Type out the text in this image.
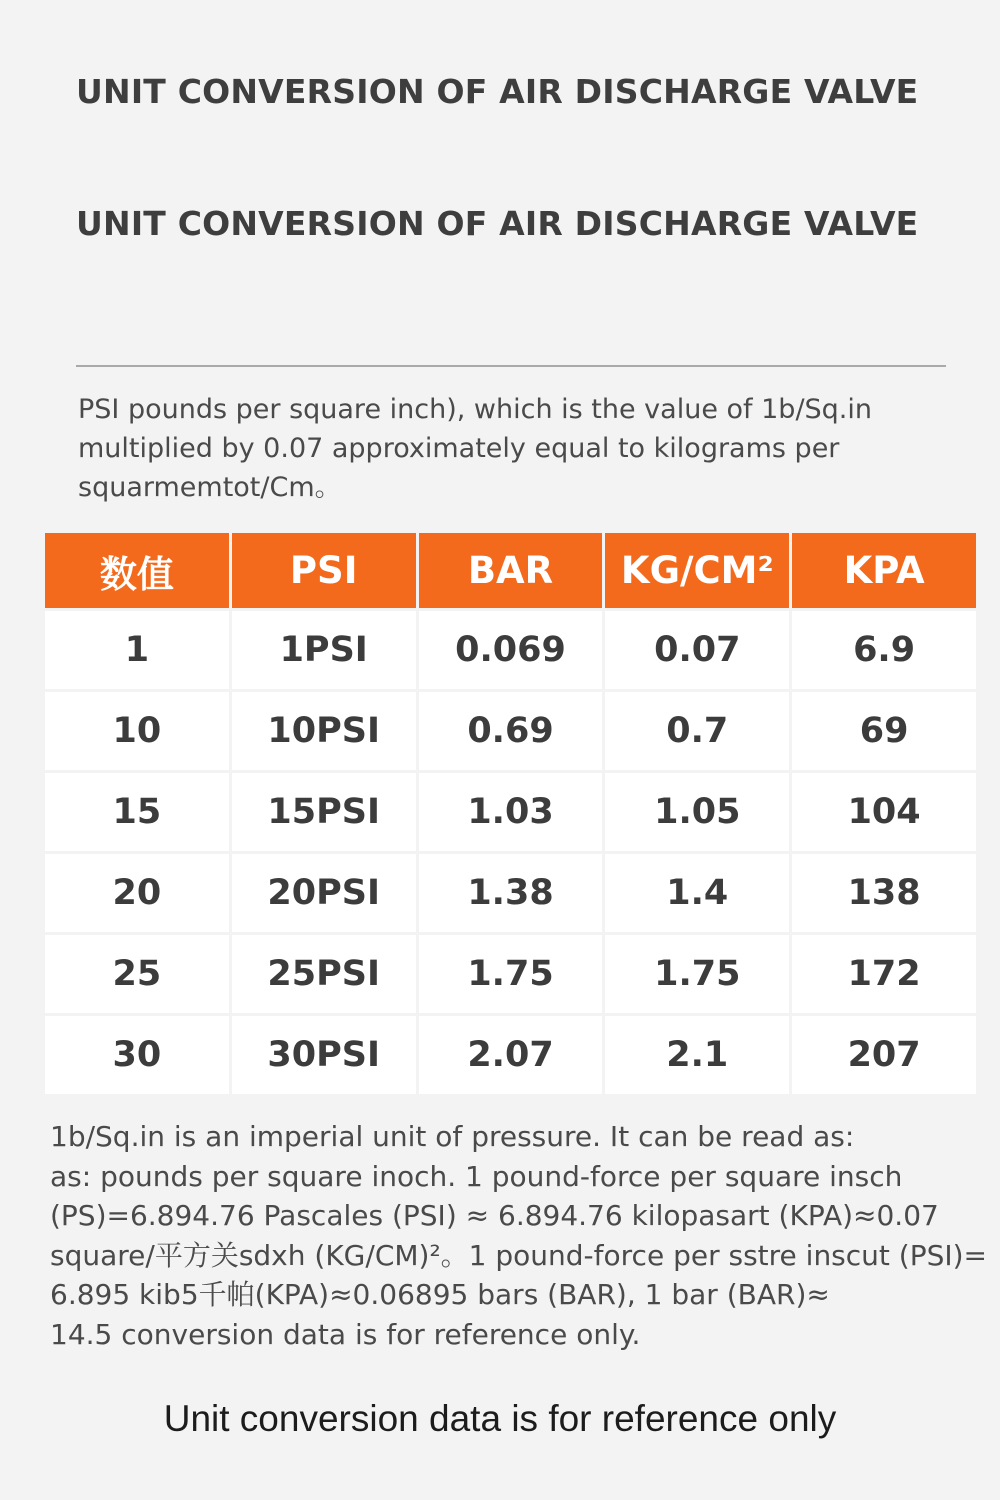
UNIT CONVERSION OF AIR DISCHARGE VALVE
UNIT CONVERSION OF AIR DISCHARGE VALVE

PSI pounds per square inch), which is the value of 1b/Sq.in

multiplied by 0.07 approximately equal to kilograms per

squarmemtot/Cm。

数值	PSI	BAR	KG/CM²	KPA
1	1PSI	0.069	0.07	6.9
10	10PSI	0.69	0.7	69
15	15PSI	1.03	1.05	104
20	20PSI	1.38	1.4	138
25	25PSI	1.75	1.75	172
30	30PSI	2.07	2.1	207

1b/Sq.in is an imperial unit of pressure. It can be read as:

as: pounds per square inoch. 1 pound-force per square insch

(PS)=6.894.76 Pascales (PSI) ≈ 6.894.76 kilopasart (KPA)≈0.07

square/平方关sdxh (KG/CM)²。1 pound-force per sstre inscut (PSI)=

6.895 kib5千帕(KPA)≈0.06895 bars (BAR), 1 bar (BAR)≈

14.5 conversion data is for reference only.

Unit conversion data is for reference only
